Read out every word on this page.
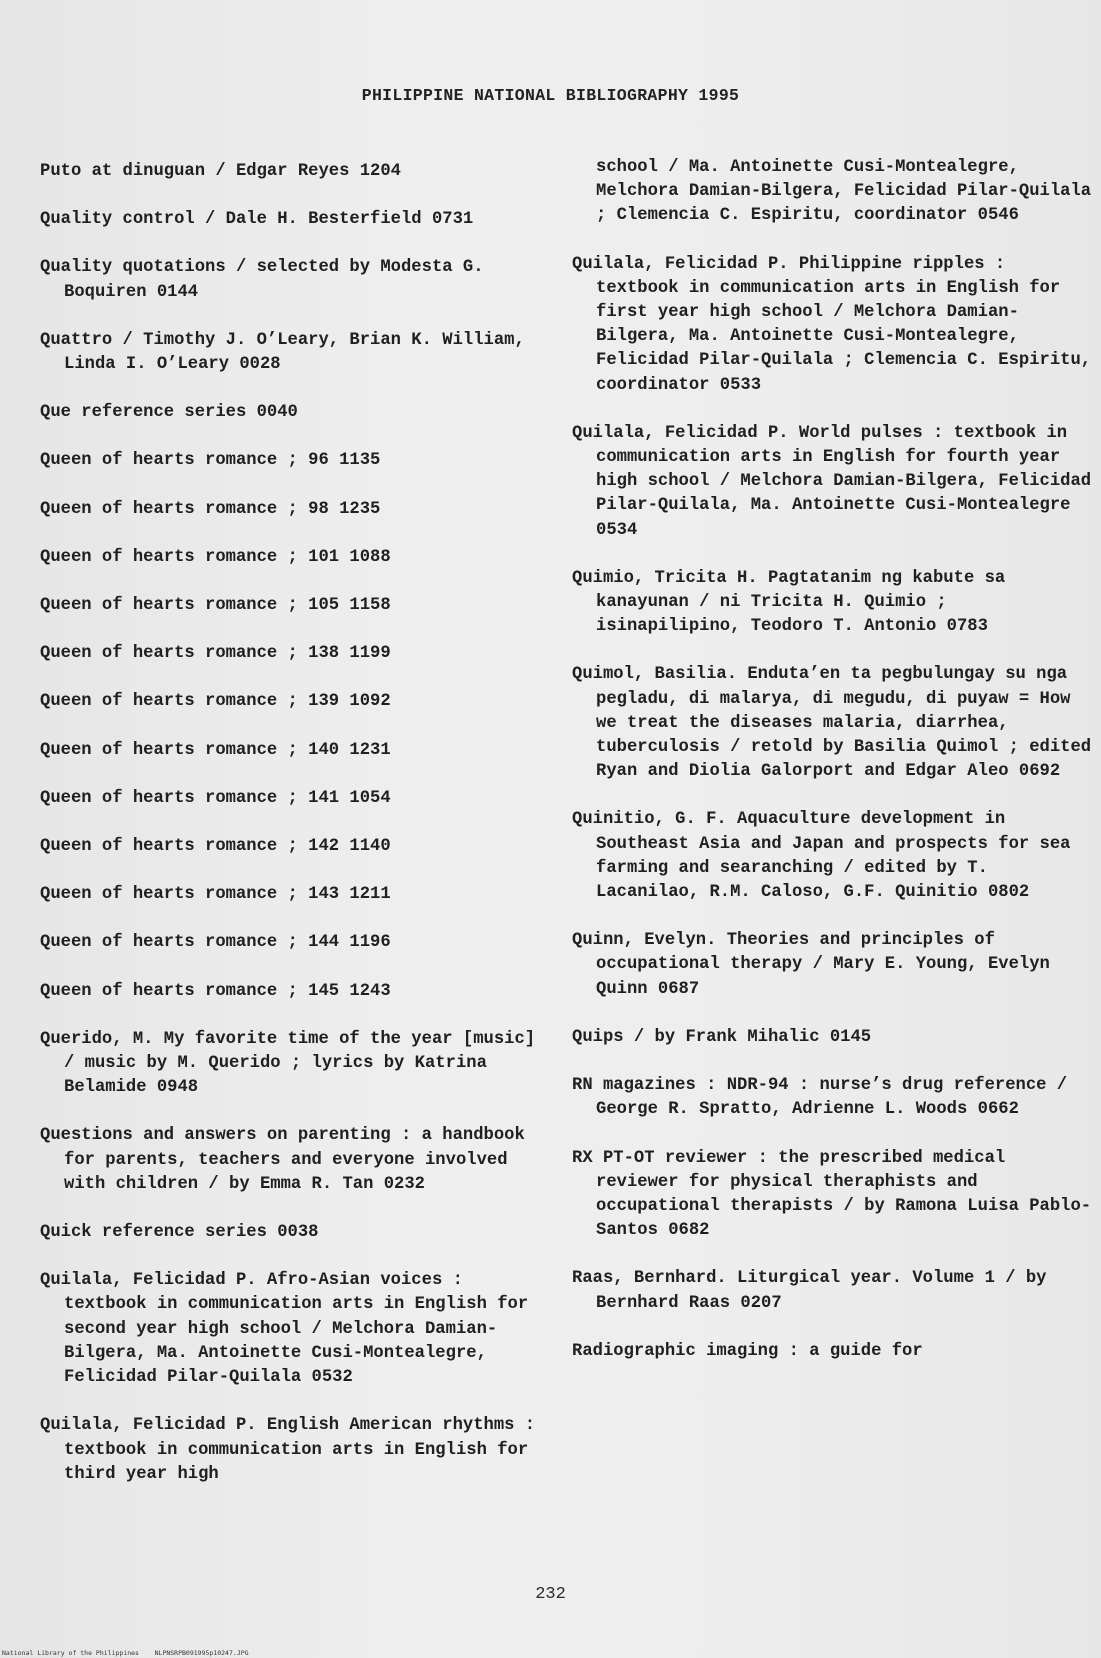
PHILIPPINE NATIONAL BIBLIOGRAPHY 1995

Puto at dinuguan / Edgar Reyes 1204

Quality control / Dale H. Besterfield 0731

Quality quotations / selected by Modesta G. Boquiren 0144

Quattro / Timothy J. O’Leary, Brian K. William, Linda I. O’Leary 0028

Que reference series 0040

Queen of hearts romance ; 96 1135

Queen of hearts romance ; 98 1235

Queen of hearts romance ; 101 1088

Queen of hearts romance ; 105 1158

Queen of hearts romance ; 138 1199

Queen of hearts romance ; 139 1092

Queen of hearts romance ; 140 1231

Queen of hearts romance ; 141 1054

Queen of hearts romance ; 142 1140

Queen of hearts romance ; 143 1211

Queen of hearts romance ; 144 1196

Queen of hearts romance ; 145 1243

Querido, M. My favorite time of the year [music] / music by M. Querido ; lyrics by Katrina Belamide 0948

Questions and answers on parenting : a handbook for parents, teachers and everyone involved with children / by Emma R. Tan 0232

Quick reference series 0038

Quilala, Felicidad P. Afro-Asian voices : textbook in communication arts in English for second year high school / Melchora Damian-Bilgera, Ma. Antoinette Cusi-Montealegre, Felicidad Pilar-Quilala 0532

Quilala, Felicidad P. English American rhythms : textbook in communication arts in English for third year high

school / Ma. Antoinette Cusi-Montealegre, Melchora Damian-Bilgera, Felicidad Pilar-Quilala ; Clemencia C. Espiritu, coordinator 0546

Quilala, Felicidad P. Philippine ripples : textbook in communication arts in English for first year high school / Melchora Damian-Bilgera, Ma. Antoinette Cusi-Montealegre, Felicidad Pilar-Quilala ; Clemencia C. Espiritu, coordinator 0533

Quilala, Felicidad P. World pulses : textbook in communication arts in English for fourth year high school / Melchora Damian-Bilgera, Felicidad Pilar-Quilala, Ma. Antoinette Cusi-Montealegre 0534

Quimio, Tricita H. Pagtatanim ng kabute sa kanayunan / ni Tricita H. Quimio ; isinapilipino, Teodoro T. Antonio 0783

Quimol, Basilia. Enduta’en ta pegbulungay su nga pegladu, di malarya, di megudu, di puyaw = How we treat the diseases malaria, diarrhea, tuberculosis / retold by Basilia Quimol ; edited Ryan and Diolia Galorport and Edgar Aleo 0692

Quinitio, G. F. Aquaculture development in Southeast Asia and Japan and prospects for sea farming and searanching / edited by T. Lacanilao, R.M. Caloso, G.F. Quinitio 0802

Quinn, Evelyn. Theories and principles of occupational therapy / Mary E. Young, Evelyn Quinn 0687

Quips / by Frank Mihalic 0145

RN magazines : NDR-94 : nurse’s drug reference / George R. Spratto, Adrienne L. Woods 0662

RX PT-OT reviewer : the prescribed medical reviewer for physical theraphists and occupational therapists / by Ramona Luisa Pablo-Santos 0682

Raas, Bernhard. Liturgical year. Volume 1 / by Bernhard Raas 0207

Radiographic imaging : a guide for

232
National Library of the Philippines    NLPNSRPB091995p10247.JPG
